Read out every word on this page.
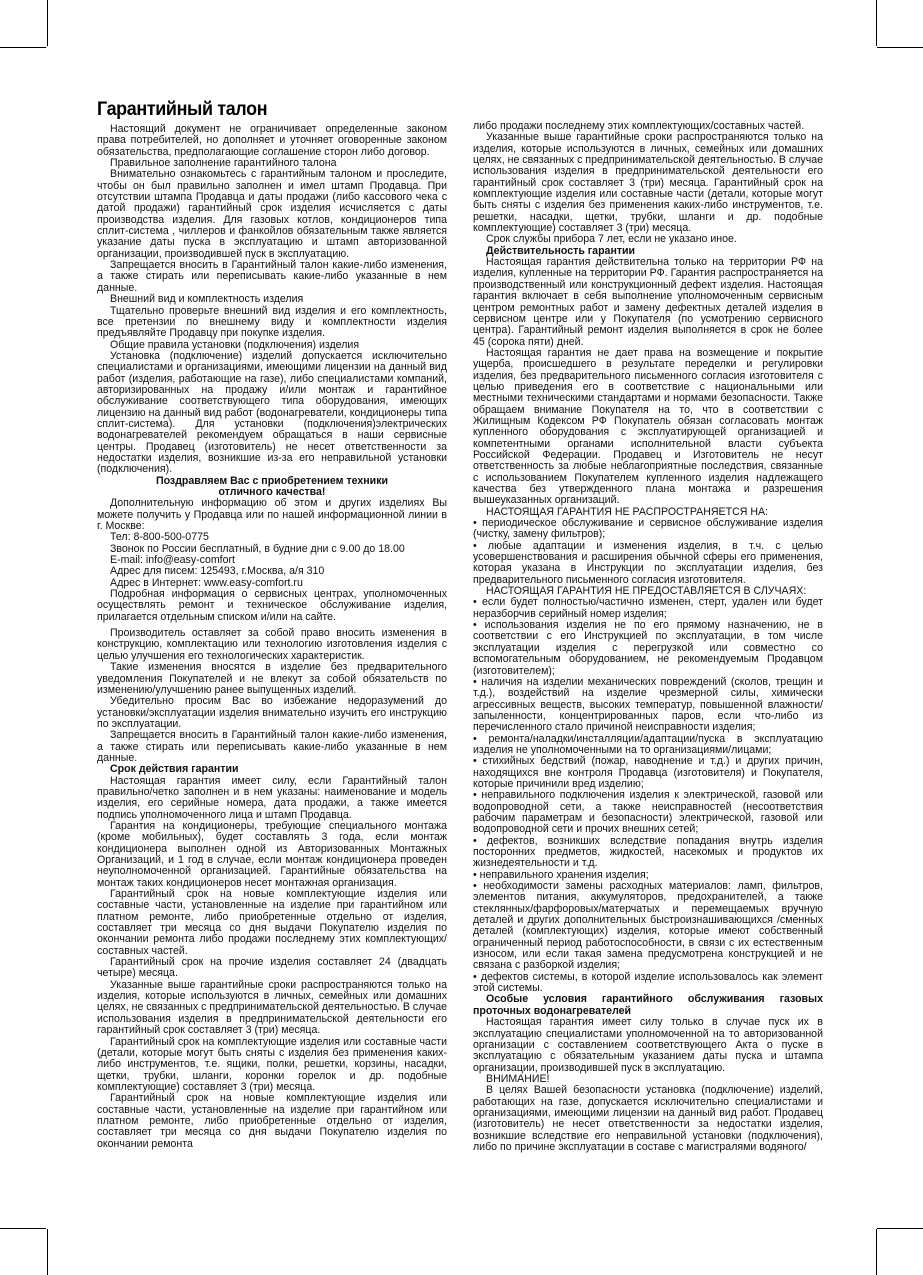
Гарантийный талон

Настоящий документ не ограничивает определенные законом права потребителей, но дополняет и уточняет оговоренные законом обязательства, предполагающие соглашение сторон либо договор.

Правильное заполнение гарантийного талона

Внимательно ознакомьтесь с гарантийным талоном и проследите, чтобы он был правильно заполнен и имел штамп Продавца. При отсутствии штампа Продавца и даты продажи (либо кассового чека с датой продажи) гарантийный срок изделия исчисляется с даты производства изделия. Для газовых котлов, кондиционеров типа сплит-система , чиллеров и фанкойлов обязательным также является указание даты пуска в эксплуатацию и штамп авторизованной организации, производившей пуск в эксплуатацию.

Запрещается вносить в Гарантийный талон какие-либо изменения, а также стирать или переписывать какие-либо указанные в нем данные.

Внешний вид и комплектность изделия

Тщательно проверьте внешний вид изделия и его комплектность, все претензии по внешнему виду и комплектности изделия предъявляйте Продавцу при покупке изделия.

Общие правила установки (подключения) изделия

Установка (подключение) изделий допускается исключительно специалистами и организациями, имеющими лицензии на данный вид работ (изделия, работающие на газе), либо специалистами компаний, авторизированных на продажу и/или монтаж и гарантийное обслуживание соответствующего типа оборудования, имеющих лицензию на данный вид работ (водонагреватели, кондиционеры типа сплит-система). Для установки (подключения)электрических водонагревателей рекомендуем обращаться в наши сервисные центры. Продавец (изготовитель) не несет ответственности за недостатки изделия, возникшие из-за его неправильной установки (подключения).

Поздравляем Вас с приобретением техники

отличного качества!

Дополнительную информацию об этом и других изделиях Вы можете получить у Продавца или по нашей информационной линии в г. Москве:

Тел: 8-800-500-0775

Звонок по России бесплатный, в будние дни с 9.00 до 18.00

E-mail: info@easy-comfort

Адрес для писем: 125493, г.Москва, а/я 310

Адрес в Интернет: www.easy-comfort.ru

Подробная информация о сервисных центрах, уполномоченных осуществлять ремонт и техническое обслуживание изделия, прилагается отдельным списком и/или на сайте.

Производитель оставляет за собой право вносить изменения в конструкцию, комплектацию или технологию изготовления изделия с целью улучшения его технологических характеристик.

Такие изменения вносятся в изделие без предварительного уведомления Покупателей и не влекут за собой обязательств по изменению/улучшению ранее выпущенных изделий.

Убедительно просим Вас во избежание недоразумений до установки/эксплуатации изделия внимательно изучить его инструкцию по эксплуатации.

Запрещается вносить в Гарантийный талон какие-либо изменения, а также стирать или переписывать какие-либо указанные в нем данные.

Срок действия гарантии

Настоящая гарантия имеет силу, если Гарантийный талон правильно/четко заполнен и в нем указаны: наименование и модель изделия, его серийные номера, дата продажи, а также имеется подпись уполномоченного лица и штамп Продавца.

Гарантия на кондиционеры, требующие специального монтажа (кроме мобильных), будет составлять 3 года, если монтаж кондиционера выполнен одной из Авторизованных Монтажных Организаций, и 1 год в случае, если монтаж кондиционера проведен неуполномоченной организацией. Гарантийные обязательства на монтаж таких кондиционеров несет монтажная организация.

Гарантийный срок на новые комплектующие изделия или составные части, установленные на изделие при гарантийном или платном ремонте, либо приобретенные отдельно от изделия, составляет три месяца со дня выдачи Покупателю изделия по окончании ремонта либо продажи последнему этих комплектующих/составных частей.

Гарантийный срок на прочие изделия составляет 24 (двадцать четыре) месяца.

Указанные выше гарантийные сроки распространяются только на изделия, которые используются в личных, семейных или домашних целях, не связанных с предпринимательской деятельностью. В случае использования изделия в предпринимательской деятельности его гарантийный срок составляет 3 (три) месяца.

Гарантийный срок на комплектующие изделия или составные части (детали, которые могут быть сняты с изделия без применения каких-либо инструментов, т.е. ящики, полки, решетки, корзины, насадки, щетки, трубки, шланги, коронки горелок и др. подобные комплектующие) составляет 3 (три) месяца.

Гарантийный срок на новые комплектующие изделия или составные части, установленные на изделие при гарантийном или платном ремонте, либо приобретенные отдельно от изделия, составляет три месяца со дня выдачи Покупателю изделия по окончании ремонта

либо продажи последнему этих комплектующих/составных частей.

Указанные выше гарантийные сроки распространяются только на изделия, которые используются в личных, семейных или домашних целях, не связанных с предпринимательской деятельностью. В случае использования изделия в предпринимательской деятельности его гарантийный срок составляет 3 (три) месяца. Гарантийный срок на комплектующие изделия или составные части (детали, которые могут быть сняты с изделия без применения каких-либо инструментов, т.е. решетки, насадки, щетки, трубки, шланги и др. подобные комплектующие) составляет 3 (три) месяца.

Срок службы прибора 7 лет, если не указано иное.

Действительность гарантии

Настоящая гарантия действительна только на территории РФ на изделия, купленные на территории РФ. Гарантия распространяется на производственный или конструкционный дефект изделия. Настоящая гарантия включает в себя выполнение уполномоченным сервисным центром ремонтных работ и замену дефектных деталей изделия в сервисном центре или у Покупателя (по усмотрению сервисного центра). Гарантийный ремонт изделия выполняется в срок не более 45 (сорока пяти) дней.

Настоящая гарантия не дает права на возмещение и покрытие ущерба, происшедшего в результате переделки и регулировки изделия, без предварительного письменного согласия изготовителя с целью приведения его в соответствие с национальными или местными техническими стандартами и нормами безопасности. Также обращаем внимание Покупателя на то, что в соответствии с Жилищным Кодексом РФ Покупатель обязан согласовать монтаж купленного оборудования с эксплуатирующей организацией и компетентными органами исполнительной власти субъекта Российской Федерации. Продавец и Изготовитель не несут ответственность за любые неблагоприятные последствия, связанные с использованием Покупателем купленного изделия надлежащего качества без утвержденного плана монтажа и разрешения вышеуказанных организаций.

НАСТОЯЩАЯ ГАРАНТИЯ НЕ РАСПРОСТРАНЯЕТСЯ НА:

• периодическое обслуживание и сервисное обслуживание изделия (чистку, замену фильтров);

• любые адаптации и изменения изделия, в т.ч. с целью усовершенствования и расширения обычной сферы его применения, которая указана в Инструкции по эксплуатации изделия, без предварительного письменного согласия изготовителя.

НАСТОЯЩАЯ ГАРАНТИЯ НЕ ПРЕДОСТАВЛЯЕТСЯ В СЛУЧАЯХ:

• если будет полностью/частично изменен, стерт, удален или будет неразборчив серийный номер изделия;

• использования изделия не по его прямому назначению, не в соответствии с его Инструкцией по эксплуатации, в том числе эксплуатации изделия с перегрузкой или совместно со вспомогательным оборудованием, не рекомендуемым Продавцом (изготовителем);

• наличия на изделии механических повреждений (сколов, трещин и т.д.), воздействий на изделие чрезмерной силы, химически агрессивных веществ, высоких температур, повышенной влажности/запыленности, концентрированных паров, если что-либо из перечисленного стало причиной неисправности изделия;

• ремонта/наладки/инсталляции/адаптации/пуска в эксплуатацию изделия не уполномоченными на то организациями/лицами;

• стихийных бедствий (пожар, наводнение и т.д.) и других причин, находящихся вне контроля Продавца (изготовителя) и Покупателя, которые причинили вред изделию;

• неправильного подключения изделия к электрической, газовой или водопроводной сети, а также неисправностей (несоответствия рабочим параметрам и безопасности) электрической, газовой или водопроводной сети и прочих внешних сетей;

• дефектов, возникших вследствие попадания внутрь изделия посторонних предметов, жидкостей, насекомых и продуктов их жизнедеятельности и т.д.

• неправильного хранения изделия;

• необходимости замены расходных материалов: ламп, фильтров, элементов питания, аккумуляторов, предохранителей, а также стеклянных/фарфоровых/матерчатых и перемещаемых вручную деталей и других дополнительных быстроизнашивающихся /сменных деталей (комплектующих) изделия, которые имеют собственный ограниченный период работоспособности, в связи с их естественным износом, или если такая замена предусмотрена конструкцией и не связана с разборкой изделия;

• дефектов системы, в которой изделие использовалось как элемент этой системы.

Особые условия гарантийного обслуживания газовых проточных водонагревателей

Настоящая гарантия имеет силу только в случае пуск их в эксплуатацию специалистами уполномоченной на то авторизованной организации с составлением соответствующего Акта о пуске в эксплуатацию с обязательным указанием даты пуска и штампа организации, производившей пуск в эксплуатацию.

ВНИМАНИЕ!

В целях Вашей безопасности установка (подключение) изделий, работающих на газе, допускается исключительно специалистами и организациями, имеющими лицензии на данный вид работ. Продавец (изготовитель) не несет ответственности за недостатки изделия, возникшие вследствие его неправильной установки (подключения), либо по причине эксплуатации в составе с магистралями водяного/
